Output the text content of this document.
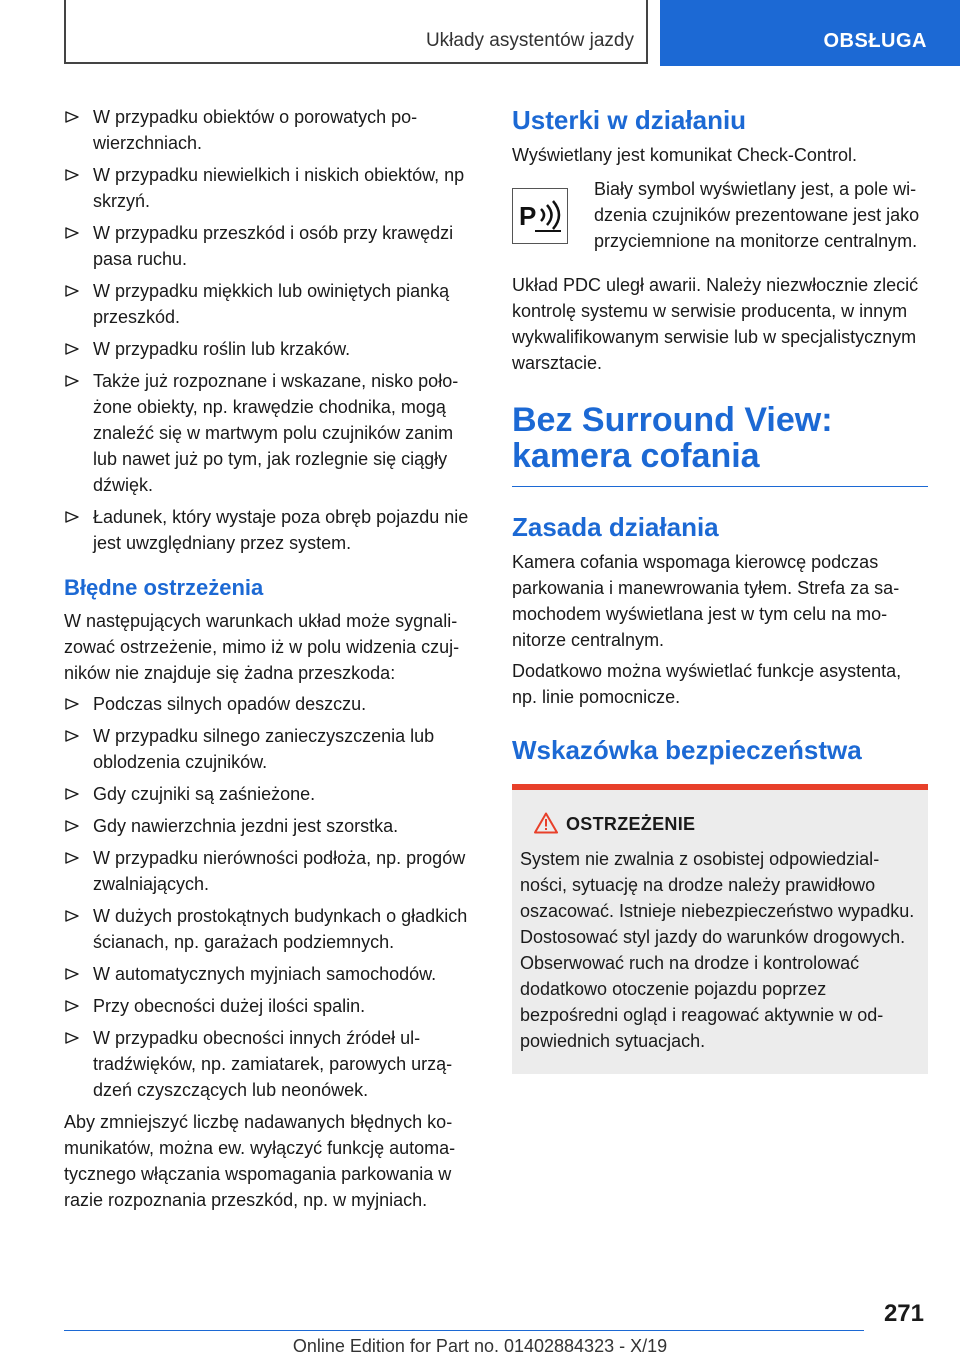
Układy asystentów jazdy	OBSŁUGA
W przypadku obiektów o porowatych powierzchniach.
W przypadku niewielkich i niskich obiektów, np skrzyń.
W przypadku przeszkód i osób przy krawędzi pasa ruchu.
W przypadku miękkich lub owiniętych pianką przeszkód.
W przypadku roślin lub krzaków.
Także już rozpoznane i wskazane, nisko położone obiekty, np. krawędzie chodnika, mogą znaleźć się w martwym polu czujników zanim lub nawet już po tym, jak rozlegnie się ciągły dźwięk.
Ładunek, który wystaje poza obręb pojazdu nie jest uwzględniany przez system.
Błędne ostrzeżenia

W następujących warunkach układ może sygnalizować ostrzeżenie, mimo iż w polu widzenia czujników nie znajduje się żadna przeszkoda:

Podczas silnych opadów deszczu.
W przypadku silnego zanieczyszczenia lub oblodzenia czujników.
Gdy czujniki są zaśnieżone.
Gdy nawierzchnia jezdni jest szorstka.
W przypadku nierówności podłoża, np. progów zwalniających.
W dużych prostokątnych budynkach o gładkich ścianach, np. garażach podziemnych.
W automatycznych myjniach samochodów.
Przy obecności dużej ilości spalin.
W przypadku obecności innych źródeł ultradźwięków, np. zamiatarek, parowych urządzeń czyszczących lub neonówek.

Aby zmniejszyć liczbę nadawanych błędnych komunikatów, można ew. wyłączyć funkcję automatycznego włączania wspomagania parkowania w razie rozpoznania przeszkód, np. w myjniach.

Usterki w działaniu

Wyświetlany jest komunikat Check-Control.

P
Biały symbol wyświetlany jest, a pole widzenia czujników prezentowane jest jako przyciemnione na monitorze centralnym.

Układ PDC uległ awarii. Należy niezwłocznie zlecić kontrolę systemu w serwisie producenta, w innym wykwalifikowanym serwisie lub w specjalistycznym warsztacie.

Bez Surround View: kamera cofania
Zasada działania

Kamera cofania wspomaga kierowcę podczas parkowania i manewrowania tyłem. Strefa za samochodem wyświetlana jest w tym celu na monitorze centralnym.

Dodatkowo można wyświetlać funkcje asystenta, np. linie pomocnicze.

Wskazówka bezpieczeństwa
OSTRZEŻENIE
System nie zwalnia z osobistej odpowiedzialności, sytuację na drodze należy prawidłowo oszacować. Istnieje niebezpieczeństwo wypadku. Dostosować styl jazdy do warunków drogowych. Obserwować ruch na drodze i kontrolować dodatkowo otoczenie pojazdu poprzez bezpośredni ogląd i reagować aktywnie w odpowiednich sytuacjach.
271
Online Edition for Part no. 01402884323 - X/19
